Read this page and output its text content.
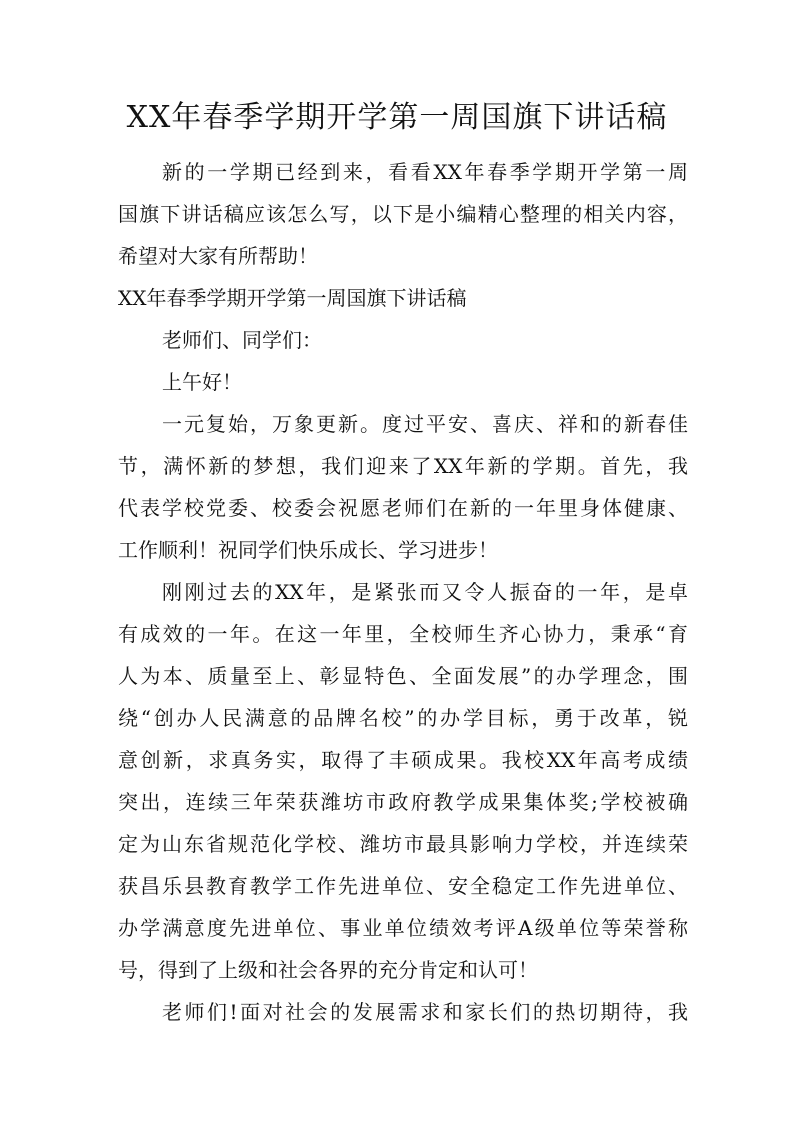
XX年春季学期开学第一周国旗下讲话稿
新的一学期已经到来，看看XX年春季学期开学第一周
国旗下讲话稿应该怎么写，以下是小编精心整理的相关内容，
希望对大家有所帮助！
XX年春季学期开学第一周国旗下讲话稿
老师们、同学们：
上午好！
一元复始，万象更新。度过平安、喜庆、祥和的新春佳
节，满怀新的梦想，我们迎来了XX年新的学期。首先，我
代表学校党委、校委会祝愿老师们在新的一年里身体健康、
工作顺利！祝同学们快乐成长、学习进步！
刚刚过去的XX年，是紧张而又令人振奋的一年，是卓
有成效的一年。在这一年里，全校师生齐心协力，秉承“育
人为本、质量至上、彰显特色、全面发展”的办学理念，围
绕“创办人民满意的品牌名校”的办学目标，勇于改革，锐
意创新，求真务实，取得了丰硕成果。我校XX年高考成绩
突出，连续三年荣获潍坊市政府教学成果集体奖;学校被确
定为山东省规范化学校、潍坊市最具影响力学校，并连续荣
获昌乐县教育教学工作先进单位、安全稳定工作先进单位、
办学满意度先进单位、事业单位绩效考评A级单位等荣誉称
号，得到了上级和社会各界的充分肯定和认可！
老师们!面对社会的发展需求和家长们的热切期待，我
